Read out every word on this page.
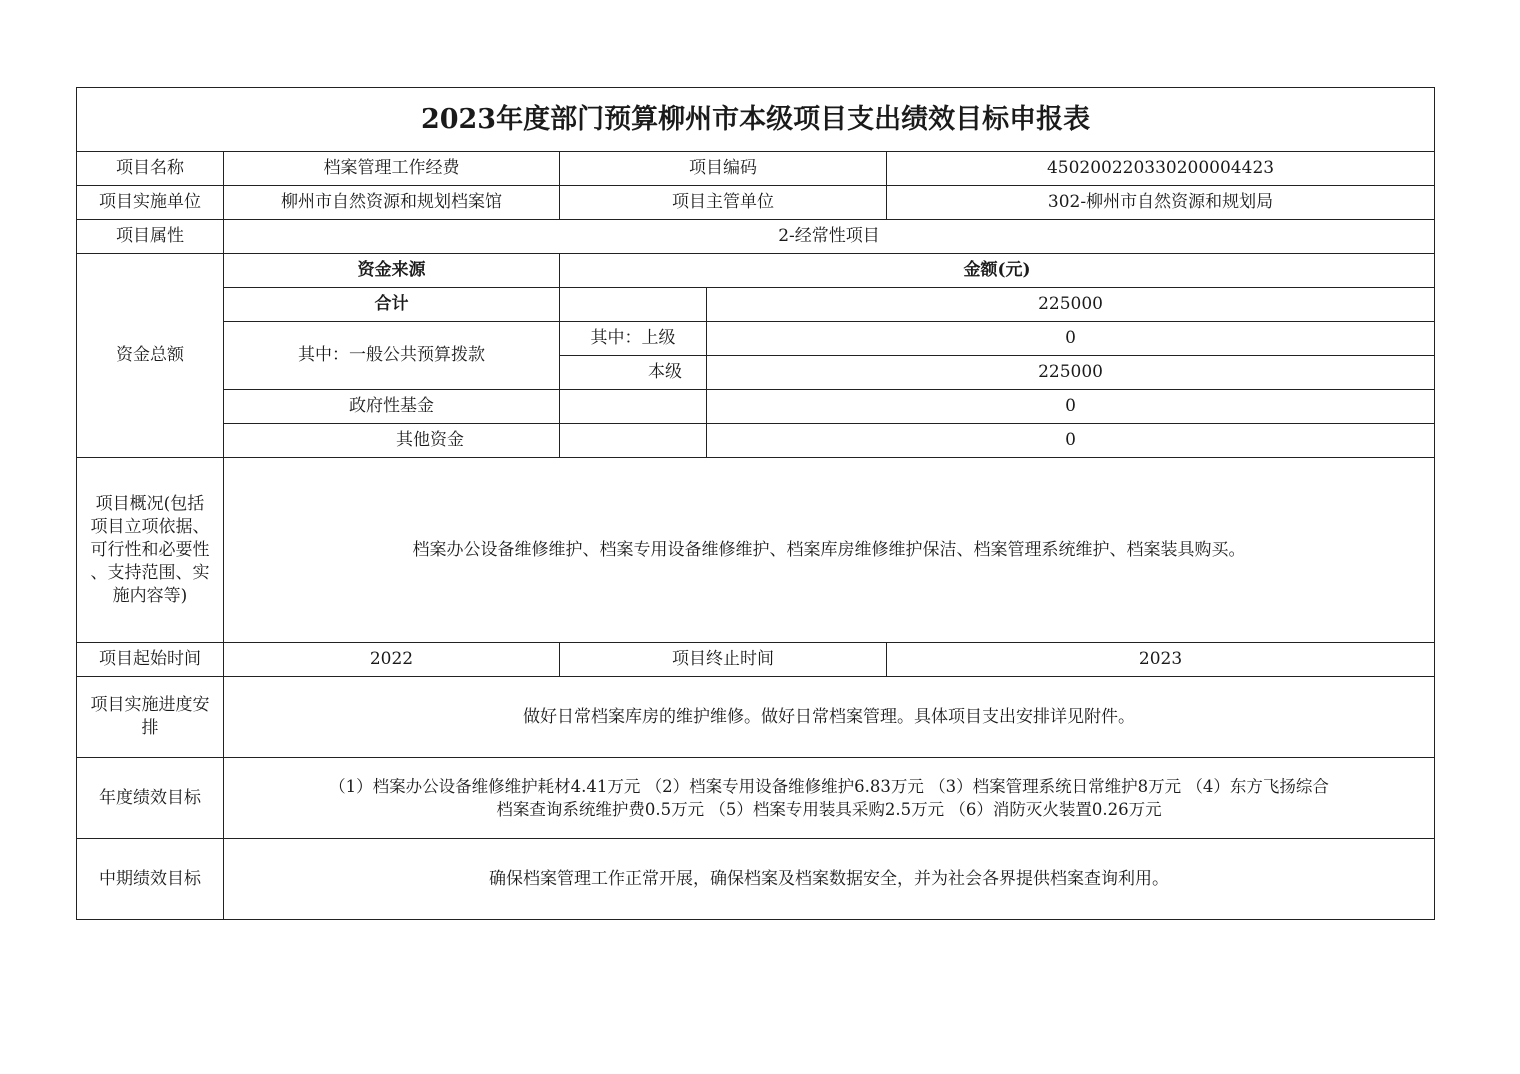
2023年度部门预算柳州市本级项目支出绩效目标申报表				
项目名称	档案管理工作经费	项目编码		450200220330200004423
项目实施单位	柳州市自然资源和规划档案馆	项目主管单位		302-柳州市自然资源和规划局
项目属性	2-经常性项目			
资金总额	资金来源	金额(元)		
	合计		225000	
	其中：一般公共预算拨款	其中：上级	0	
		本级	225000	
	政府性基金		0	
	其他资金		0	
项目概况(包括
项目立项依据、
可行性和必要性
、支持范围、实
施内容等)	档案办公设备维修维护、档案专用设备维修维护、档案库房维修维护保洁、档案管理系统维护、档案装具购买。			
项目起始时间	2022	项目终止时间		2023
项目实施进度安
排	做好日常档案库房的维护维修。做好日常档案管理。具体项目支出安排详见附件。			
年度绩效目标	（1）档案办公设备维修维护耗材4.41万元 （2）档案专用设备维修维护6.83万元 （3）档案管理系统日常维护8万元 （4）东方飞扬综合
档案查询系统维护费0.5万元 （5）档案专用装具采购2.5万元 （6）消防灭火装置0.26万元			
中期绩效目标	确保档案管理工作正常开展，确保档案及档案数据安全，并为社会各界提供档案查询利用。			
